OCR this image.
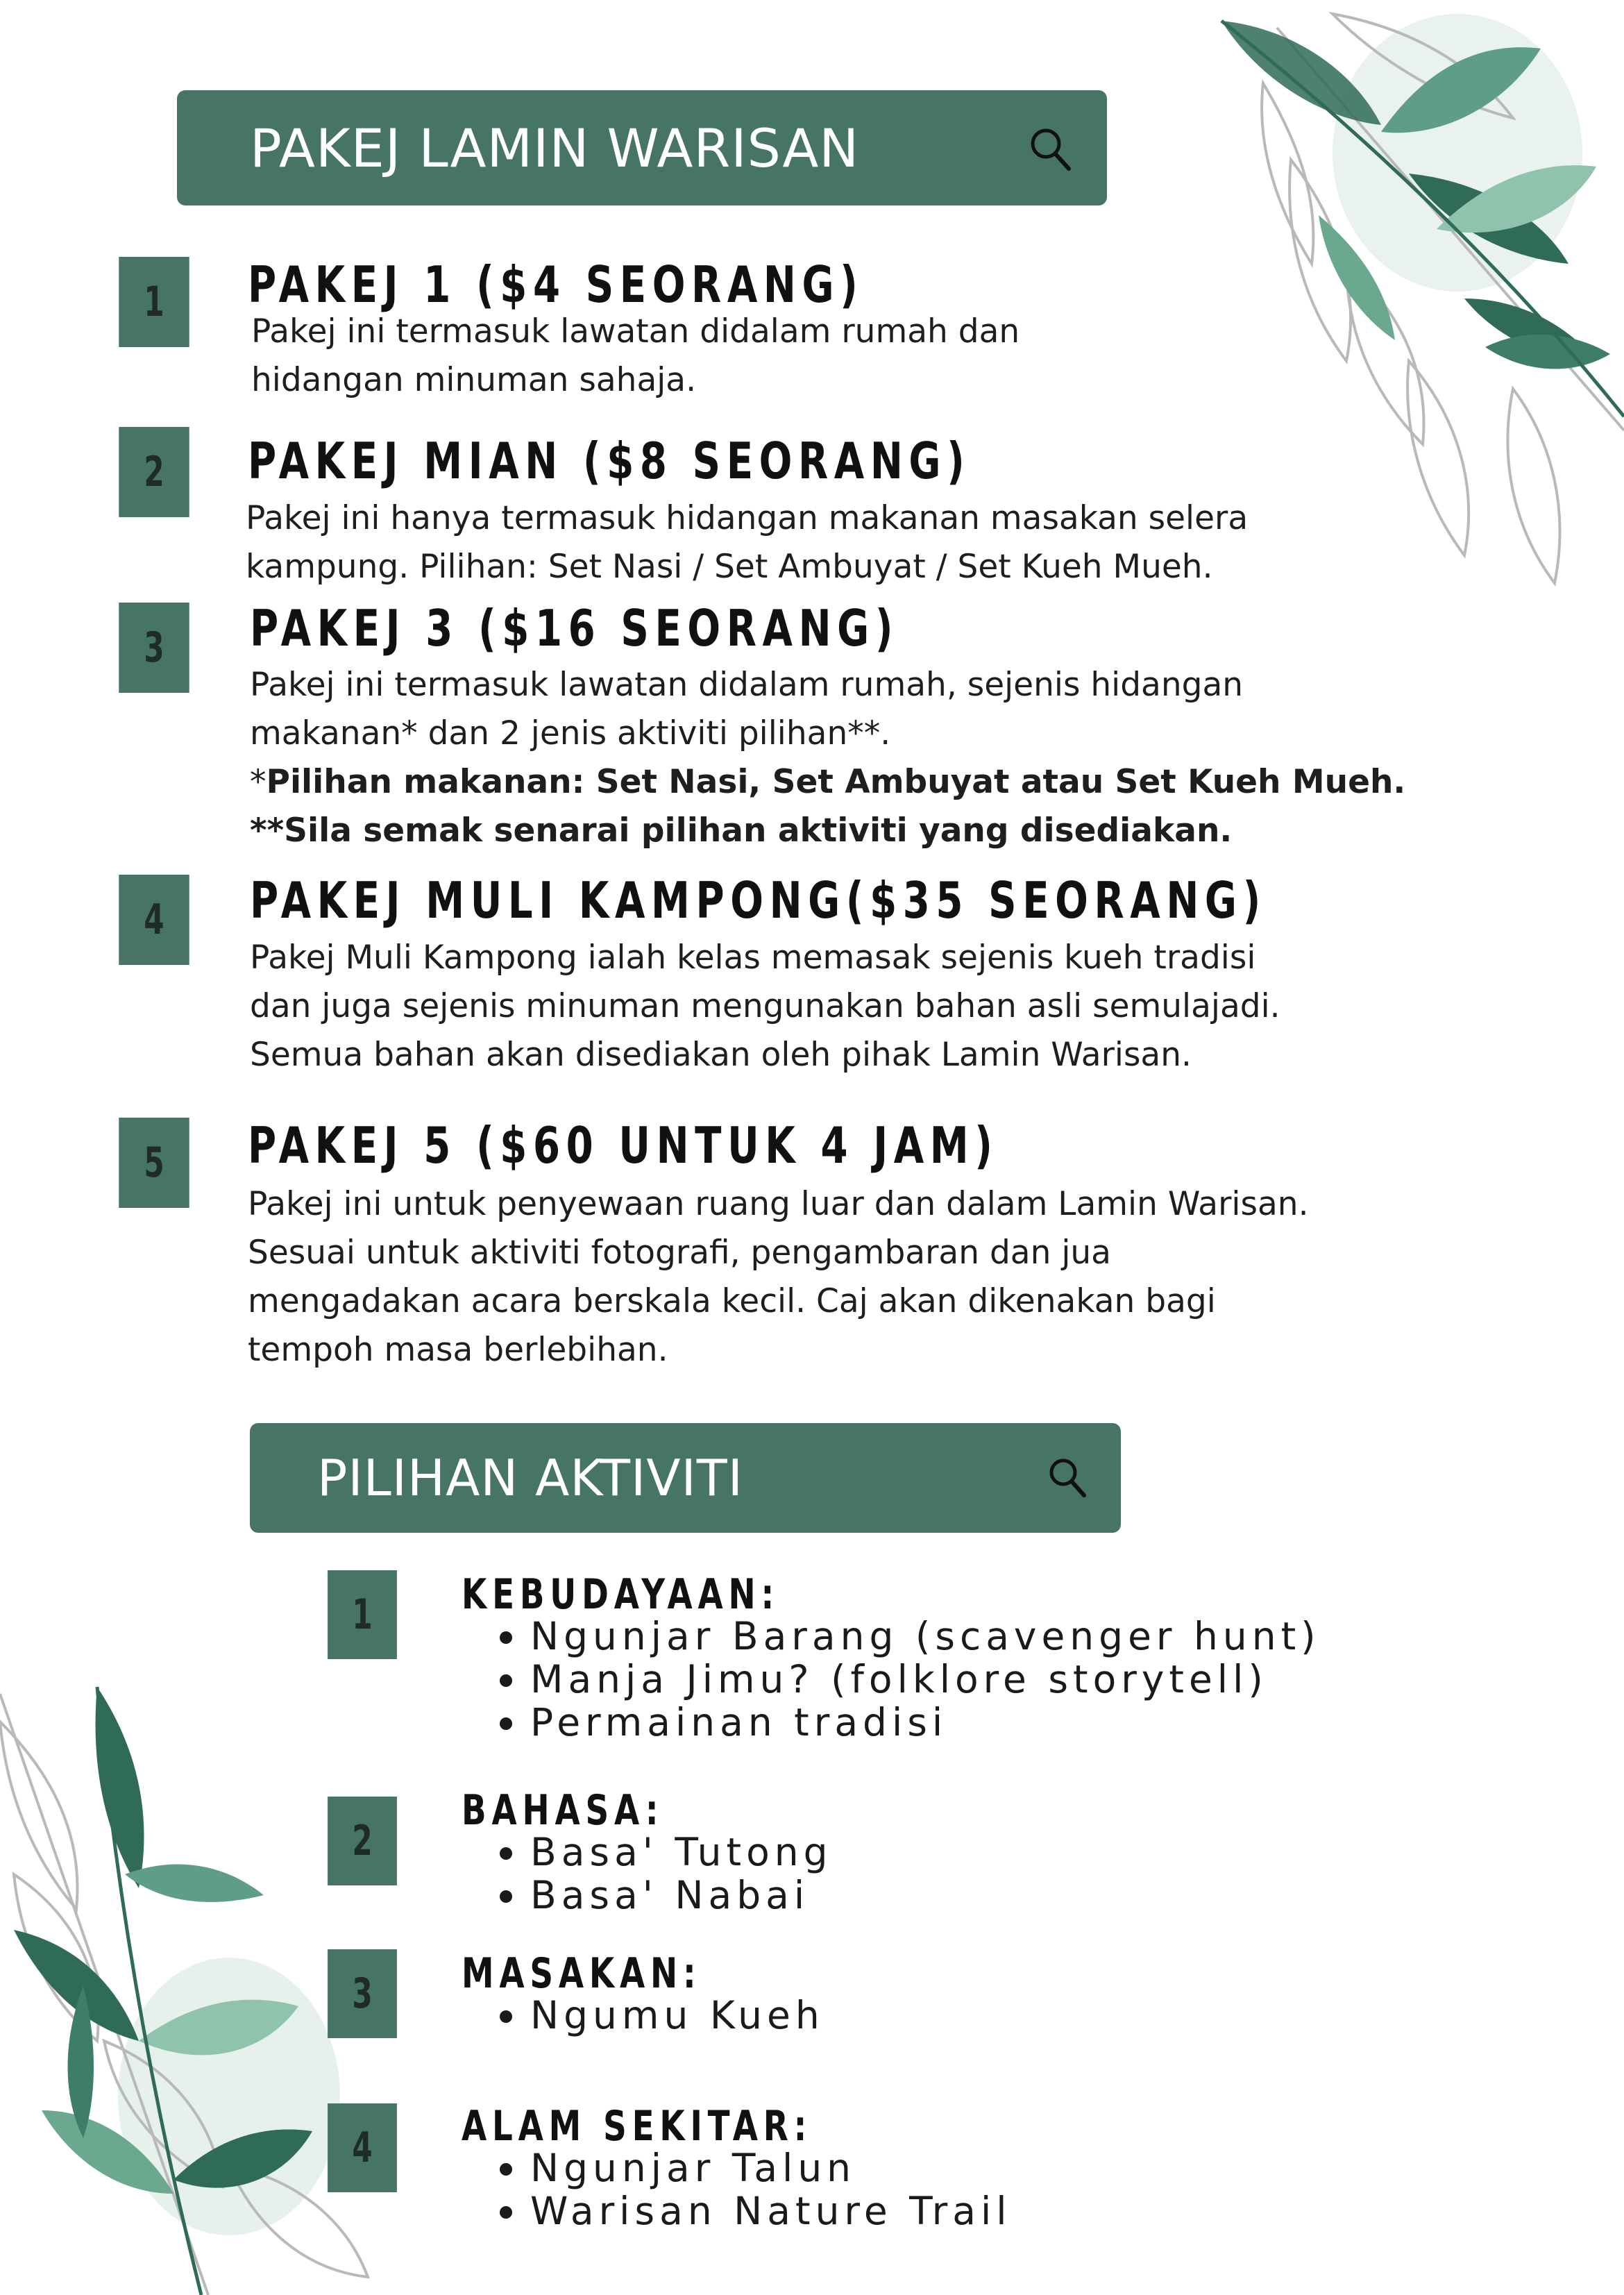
PAKEJ LAMIN WARISAN
1	PAKEJ 1 ($4 SEORANG)
Pakej ini termasuk lawatan didalam rumah dan
hidangan minuman sahaja.
2	PAKEJ MIAN ($8 SEORANG)
Pakej ini hanya termasuk hidangan makanan masakan selera
kampung. Pilihan: Set Nasi / Set Ambuyat / Set Kueh Mueh.
3	PAKEJ 3 ($16 SEORANG)
Pakej ini termasuk lawatan didalam rumah, sejenis hidangan
makanan* dan 2 jenis aktiviti pilihan**.
*Pilihan makanan: Set Nasi, Set Ambuyat atau Set Kueh Mueh.
**Sila semak senarai pilihan aktiviti yang disediakan.
4	PAKEJ MULI KAMPONG($35 SEORANG)
Pakej Muli Kampong ialah kelas memasak sejenis kueh tradisi
dan juga sejenis minuman mengunakan bahan asli semulajadi.
Semua bahan akan disediakan oleh pihak Lamin Warisan.
5	PAKEJ 5 ($60 UNTUK 4 JAM)
Pakej ini untuk penyewaan ruang luar dan dalam Lamin Warisan.
Sesuai untuk aktiviti fotografi, pengambaran dan jua
mengadakan acara berskala kecil. Caj akan dikenakan bagi
tempoh masa berlebihan.
PILIHAN AKTIVITI
1	KEBUDAYAAN:
Ngunjar Barang (scavenger hunt)
Manja Jimu? (folklore storytell)
Permainan tradisi
2
BAHASA:
Basa' Tutong
Basa' Nabai
3	MASAKAN:
Ngumu Kueh
4	ALAM SEKITAR:
Ngunjar Talun
Warisan Nature Trail
